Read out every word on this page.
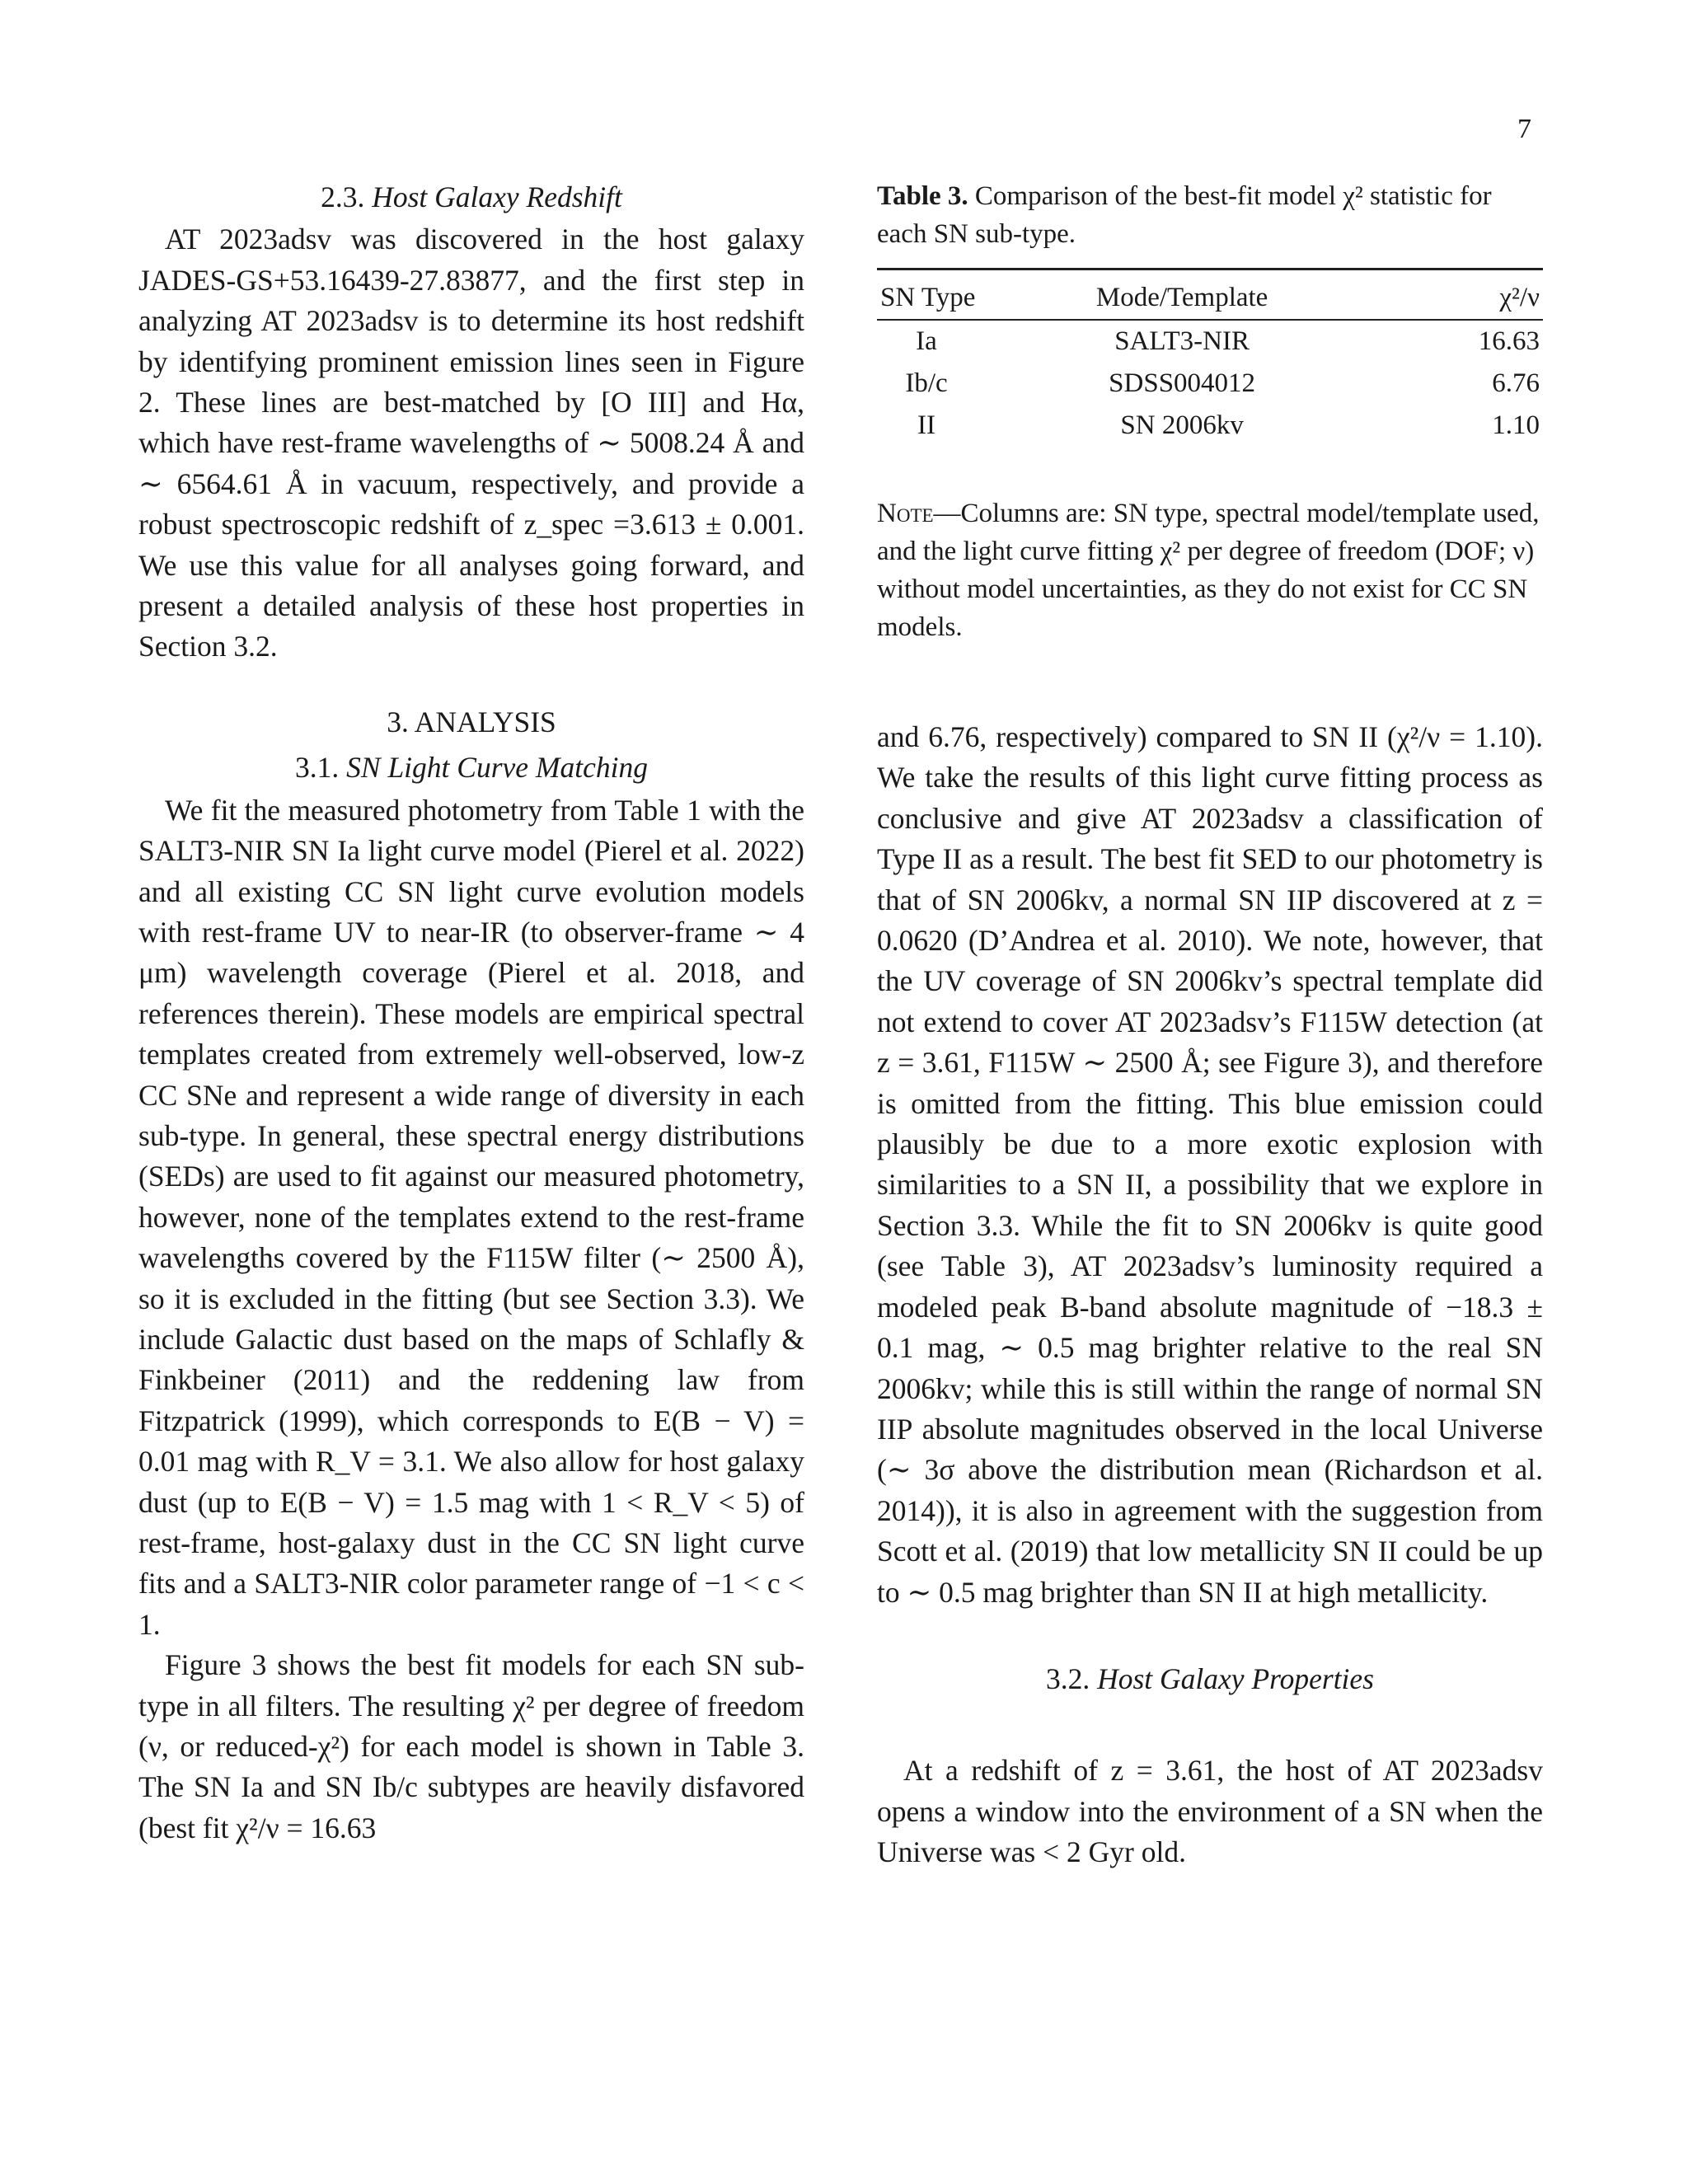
7
2.3. Host Galaxy Redshift

AT 2023adsv was discovered in the host galaxy JADES-GS+53.16439-27.83877, and the first step in analyzing AT 2023adsv is to determine its host redshift by identifying prominent emission lines seen in Figure 2. These lines are best-matched by [O III] and Hα, which have rest-frame wavelengths of ∼ 5008.24 Å and ∼ 6564.61 Å in vacuum, respectively, and provide a robust spectroscopic redshift of z_spec =3.613 ± 0.001. We use this value for all analyses going forward, and present a detailed analysis of these host properties in Section 3.2.

3. ANALYSIS
3.1. SN Light Curve Matching

We fit the measured photometry from Table 1 with the SALT3-NIR SN Ia light curve model (Pierel et al. 2022) and all existing CC SN light curve evolution models with rest-frame UV to near-IR (to observer-frame ∼ 4 μm) wavelength coverage (Pierel et al. 2018, and references therein). These models are empirical spectral templates created from extremely well-observed, low-z CC SNe and represent a wide range of diversity in each sub-type. In general, these spectral energy distributions (SEDs) are used to fit against our measured photometry, however, none of the templates extend to the rest-frame wavelengths covered by the F115W filter (∼ 2500 Å), so it is excluded in the fitting (but see Section 3.3). We include Galactic dust based on the maps of Schlafly & Finkbeiner (2011) and the reddening law from Fitzpatrick (1999), which corresponds to E(B − V) = 0.01 mag with R_V = 3.1. We also allow for host galaxy dust (up to E(B − V) = 1.5 mag with 1 < R_V < 5) of rest-frame, host-galaxy dust in the CC SN light curve fits and a SALT3-NIR color parameter range of −1 < c < 1.

Figure 3 shows the best fit models for each SN sub-type in all filters. The resulting χ² per degree of freedom (ν, or reduced-χ²) for each model is shown in Table 3. The SN Ia and SN Ib/c subtypes are heavily disfavored (best fit χ²/ν = 16.63

Table 3. Comparison of the best-fit model χ² statistic for each SN sub-type.
SN Type	Mode/Template	χ²/ν
Ia	SALT3-NIR	16.63
Ib/c	SDSS004012	6.76
II	SN 2006kv	1.10
Note—Columns are: SN type, spectral model/template used, and the light curve fitting χ² per degree of freedom (DOF; ν) without model uncertainties, as they do not exist for CC SN models.

and 6.76, respectively) compared to SN II (χ²/ν = 1.10). We take the results of this light curve fitting process as conclusive and give AT 2023adsv a classification of Type II as a result. The best fit SED to our photometry is that of SN 2006kv, a normal SN IIP discovered at z = 0.0620 (D’Andrea et al. 2010). We note, however, that the UV coverage of SN 2006kv’s spectral template did not extend to cover AT 2023adsv’s F115W detection (at z = 3.61, F115W ∼ 2500 Å; see Figure 3), and therefore is omitted from the fitting. This blue emission could plausibly be due to a more exotic explosion with similarities to a SN II, a possibility that we explore in Section 3.3. While the fit to SN 2006kv is quite good (see Table 3), AT 2023adsv’s luminosity required a modeled peak B-band absolute magnitude of −18.3 ± 0.1 mag, ∼ 0.5 mag brighter relative to the real SN 2006kv; while this is still within the range of normal SN IIP absolute magnitudes observed in the local Universe (∼ 3σ above the distribution mean (Richardson et al. 2014)), it is also in agreement with the suggestion from Scott et al. (2019) that low metallicity SN II could be up to ∼ 0.5 mag brighter than SN II at high metallicity.

3.2. Host Galaxy Properties

At a redshift of z = 3.61, the host of AT 2023adsv opens a window into the environment of a SN when the Universe was < 2 Gyr old.
